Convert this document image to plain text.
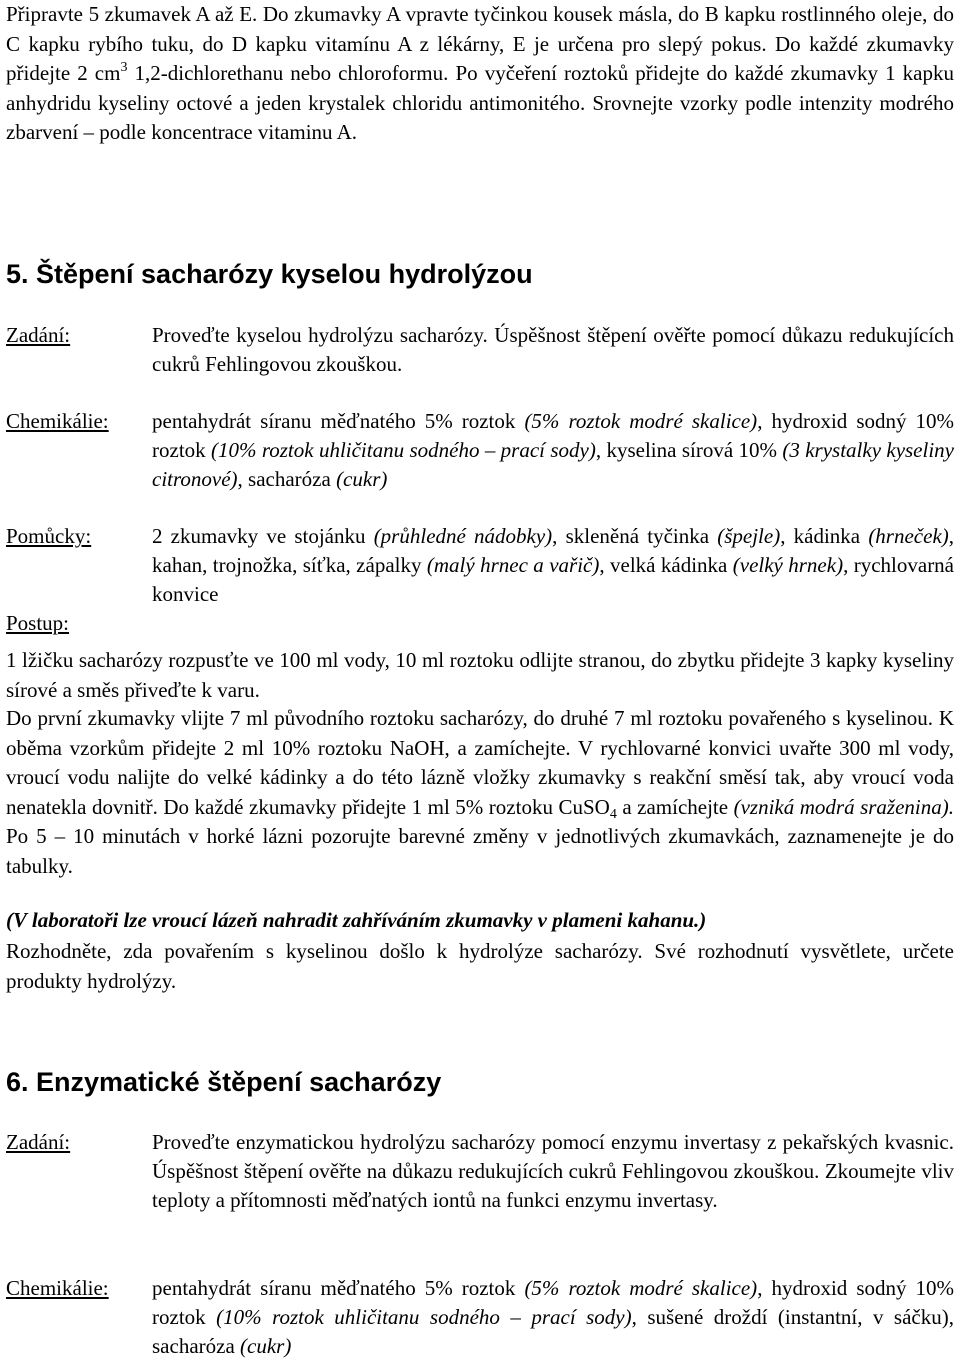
Připravte 5 zkumavek A až E. Do zkumavky A vpravte tyčinkou kousek másla, do B kapku rostlinného oleje, do C kapku rybího tuku, do D kapku vitamínu A z lékárny, E je určena pro slepý pokus. Do každé zkumavky přidejte 2 $cm^3$ 1,2-dichlorethanu nebo chloroformu. Po vyčeření roztoků přidejte do každé zkumavky 1 kapku anhydridu kyseliny octové a jeden krystalek chloridu antimonitého. Srovnejte vzorky podle intenzity modrého zbarvení – podle koncentrace vitaminu A.

5. Štěpení sacharózy kyselou hydrolýzou
Zadání:	Proveďte kyselou hydrolýzu sacharózy. Úspěšnost štěpení ověřte pomocí důkazu redukujících cukrů Fehlingovou zkouškou.
Chemikálie: pentahydrát síranu měďnatého 5% roztok (5% roztok modré skalice), hydroxid sodný 10% roztok (10% roztok uhličitanu sodného – prací sody), kyselina sírová 10% (3 krystalky kyseliny citronové), sacharóza (cukr)
Pomůcky:	2 zkumavky ve stojánku (průhledné nádobky), skleněná tyčinka (špejle), kádinka (hrneček), kahan, trojnožka, síťka, zápalky (malý hrnec a vařič), velká kádinka (velký hrnek), rychlovarná konvice
Postup:

1 lžičku sacharózy rozpusťte ve 100 ml vody, 10 ml roztoku odlijte stranou, do zbytku přidejte 3 kapky kyseliny sírové a směs přiveďte k varu.

Do první zkumavky vlijte 7 ml původního roztoku sacharózy, do druhé 7 ml roztoku povařeného s kyselinou. K oběma vzorkům přidejte 2 ml 10% roztoku NaOH, a zamíchejte. V rychlovarné konvici uvařte 300 ml vody, vroucí vodu nalijte do velké kádinky a do této lázně vložky zkumavky s reakční směsí tak, aby vroucí voda nenatekla dovnitř. Do každé zkumavky přidejte 1 ml 5% roztoku CuSO$_4$ a zamíchejte (vzniká modrá sraženina). Po 5 – 10 minutách v horké lázni pozorujte barevné změny v jednotlivých zkumavkách, zaznamenejte je do tabulky.

(V laboratoři lze vroucí lázeň nahradit zahříváním zkumavky v plameni kahanu.)

Rozhodněte, zda povařením s kyselinou došlo k hydrolýze sacharózy. Své rozhodnutí vysvětlete, určete produkty hydrolýzy.

6. Enzymatické štěpení sacharózy
Zadání:	Proveďte enzymatickou hydrolýzu sacharózy pomocí enzymu invertasy z pekařských kvasnic. Úspěšnost štěpení ověřte na důkazu redukujících cukrů Fehlingovou zkouškou. Zkoumejte vliv teploty a přítomnosti měďnatých iontů na funkci enzymu invertasy.
Chemikálie: pentahydrát síranu měďnatého 5% roztok (5% roztok modré skalice), hydroxid sodný 10% roztok (10% roztok uhličitanu sodného – prací sody), sušené droždí (instantní, v sáčku), sacharóza (cukr)
